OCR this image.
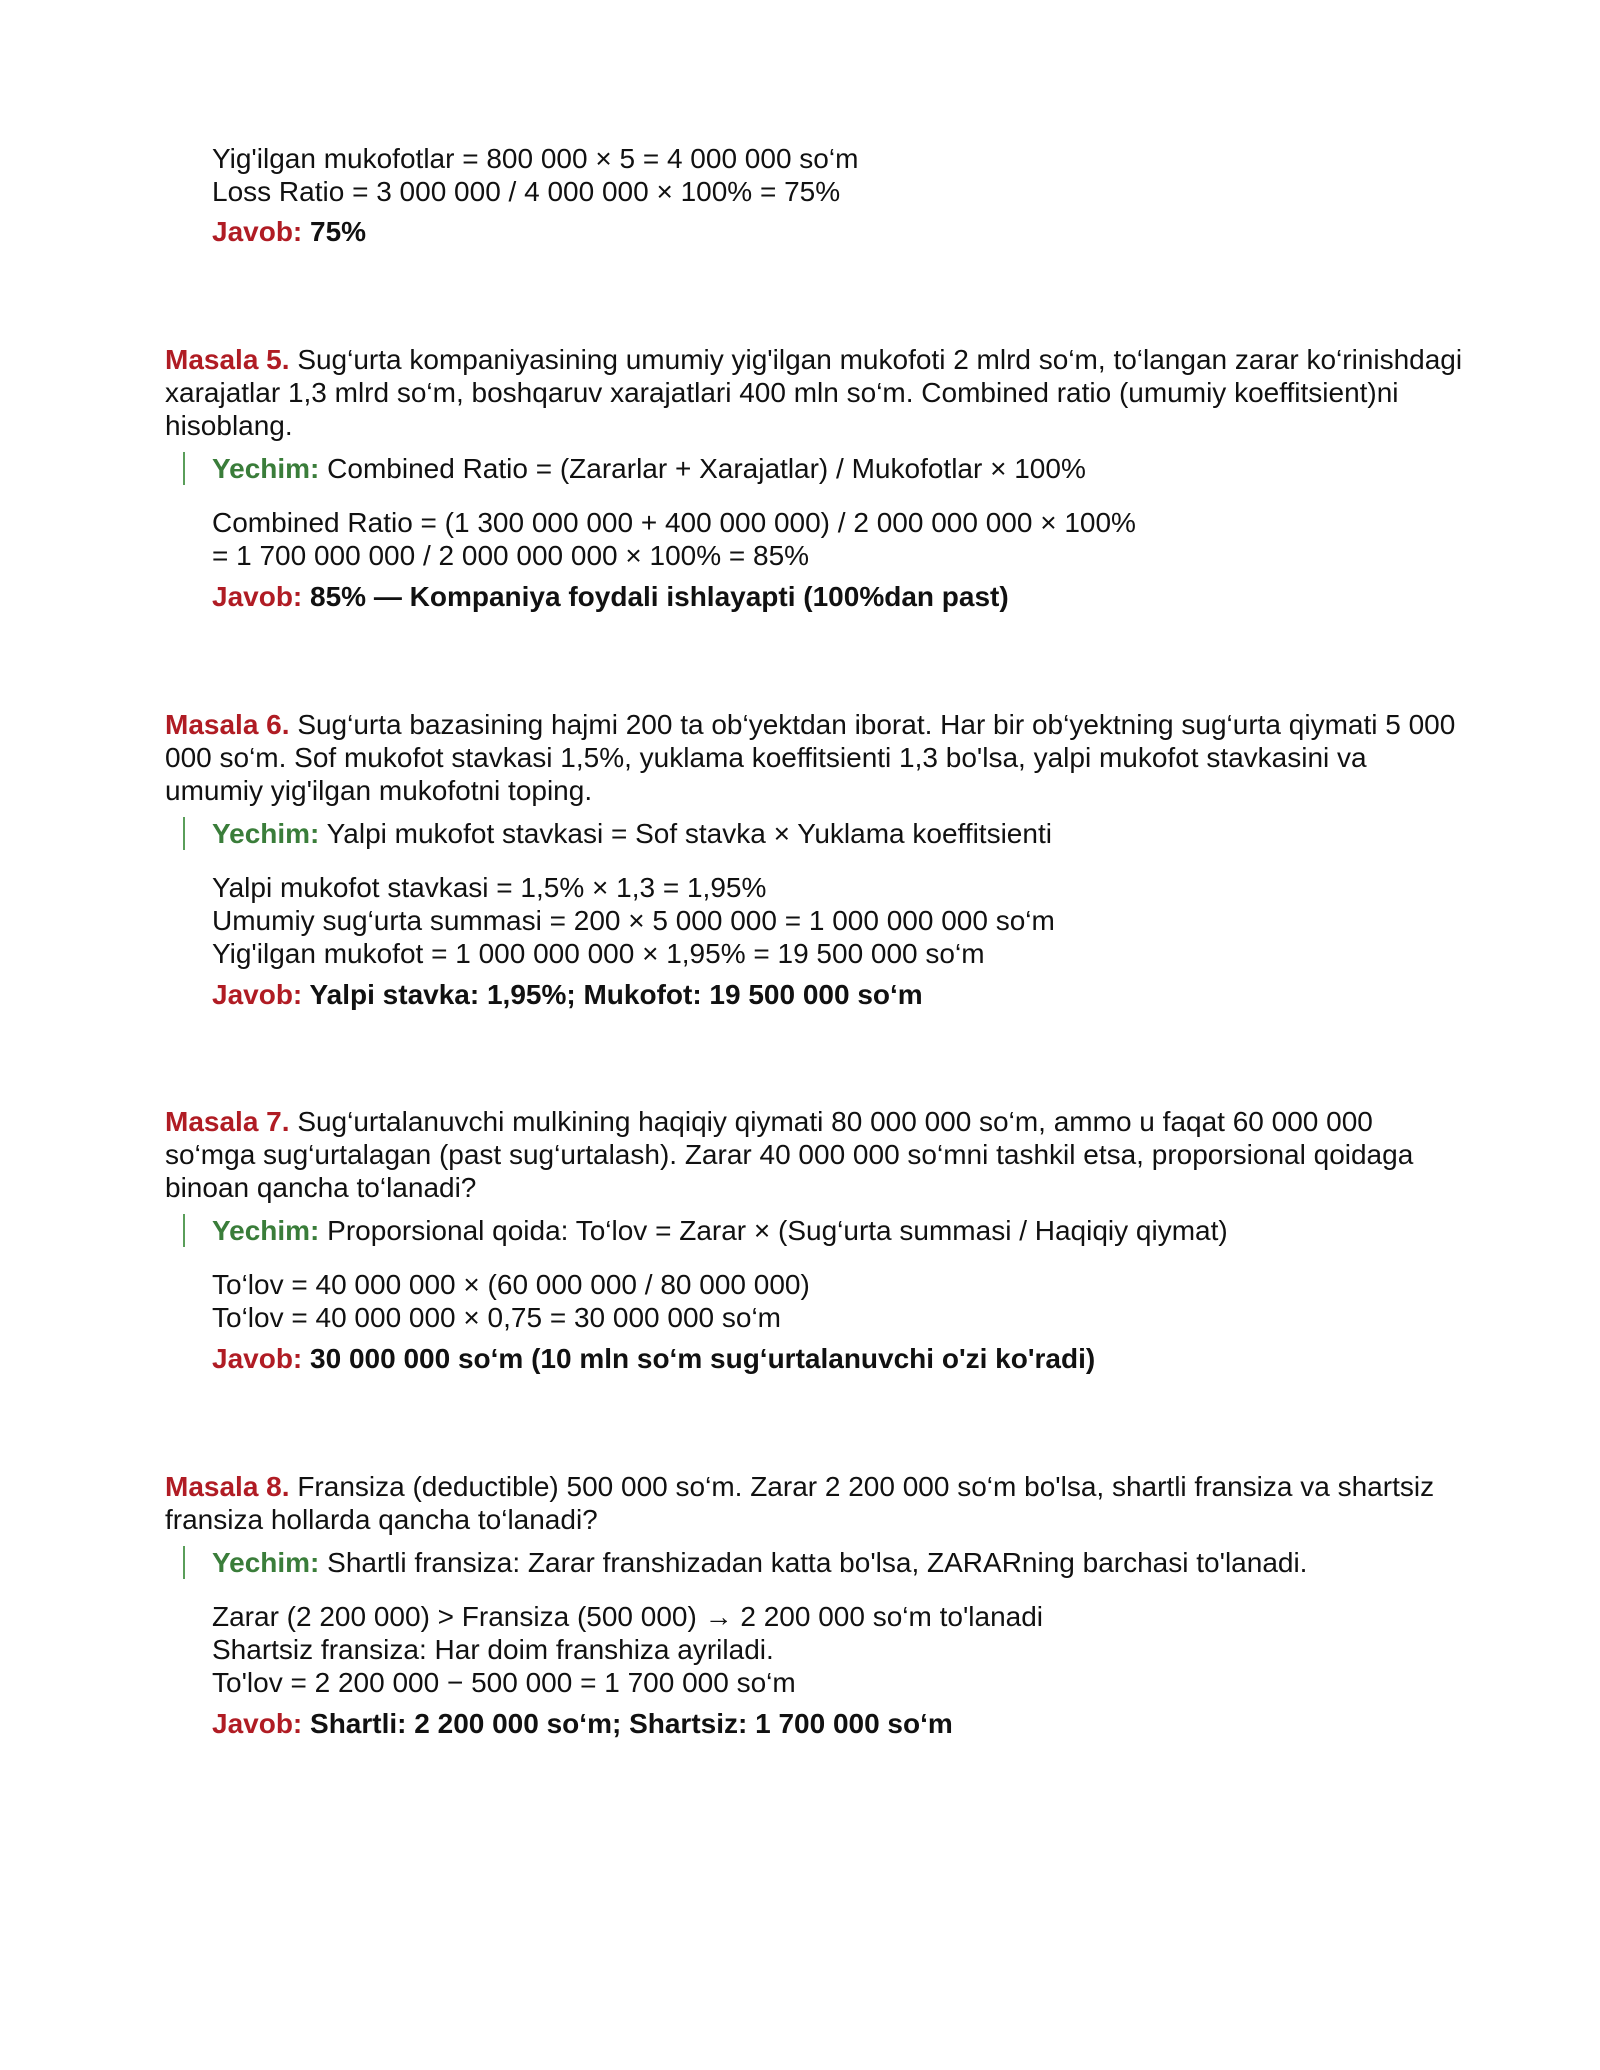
Yig'ilgan mukofotlar = 800 000 × 5 = 4 000 000 so‘m

Loss Ratio = 3 000 000 / 4 000 000 × 100% = 75%

Javob: 75%
Masala 5. Sug‘urta kompaniyasining umumiy yig'ilgan mukofoti 2 mlrd so‘m, to‘langan zarar ko‘rinishdagi xarajatlar 1,3 mlrd so‘m, boshqaruv xarajatlari 400 mln so‘m. Combined ratio (umumiy koeffitsient)ni hisoblang.
Yechim: Combined Ratio = (Zararlar + Xarajatlar) / Mukofotlar × 100%

Combined Ratio = (1 300 000 000 + 400 000 000) / 2 000 000 000 × 100%

= 1 700 000 000 / 2 000 000 000 × 100% = 85%

Javob: 85% — Kompaniya foydali ishlayapti (100%dan past)
Masala 6. Sug‘urta bazasining hajmi 200 ta ob‘yektdan iborat. Har bir ob‘yektning sug‘urta qiymati 5 000 000 so‘m. Sof mukofot stavkasi 1,5%, yuklama koeffitsienti 1,3 bo'lsa, yalpi mukofot stavkasini va umumiy yig'ilgan mukofotni toping.
Yechim: Yalpi mukofot stavkasi = Sof stavka × Yuklama koeffitsienti

Yalpi mukofot stavkasi = 1,5% × 1,3 = 1,95%

Umumiy sug‘urta summasi = 200 × 5 000 000 = 1 000 000 000 so‘m

Yig'ilgan mukofot = 1 000 000 000 × 1,95% = 19 500 000 so‘m

Javob: Yalpi stavka: 1,95%; Mukofot: 19 500 000 so‘m
Masala 7. Sug‘urtalanuvchi mulkining haqiqiy qiymati 80 000 000 so‘m, ammo u faqat 60 000 000 so‘mga sug‘urtalagan (past sug‘urtalash). Zarar 40 000 000 so‘mni tashkil etsa, proporsional qoidaga binoan qancha to‘lanadi?
Yechim: Proporsional qoida: To‘lov = Zarar × (Sug‘urta summasi / Haqiqiy qiymat)

To‘lov = 40 000 000 × (60 000 000 / 80 000 000)

To‘lov = 40 000 000 × 0,75 = 30 000 000 so‘m

Javob: 30 000 000 so‘m (10 mln so‘m sug‘urtalanuvchi o'zi ko'radi)
Masala 8. Fransiza (deductible) 500 000 so‘m. Zarar 2 200 000 so‘m bo'lsa, shartli fransiza va shartsiz fransiza hollarda qancha to‘lanadi?
Yechim: Shartli fransiza: Zarar franshizadan katta bo'lsa, ZARARning barchasi to'lanadi.

Zarar (2 200 000) > Fransiza (500 000) → 2 200 000 so‘m to'lanadi

Shartsiz fransiza: Har doim franshiza ayriladi.

To'lov = 2 200 000 − 500 000 = 1 700 000 so‘m

Javob: Shartli: 2 200 000 so‘m; Shartsiz: 1 700 000 so‘m
